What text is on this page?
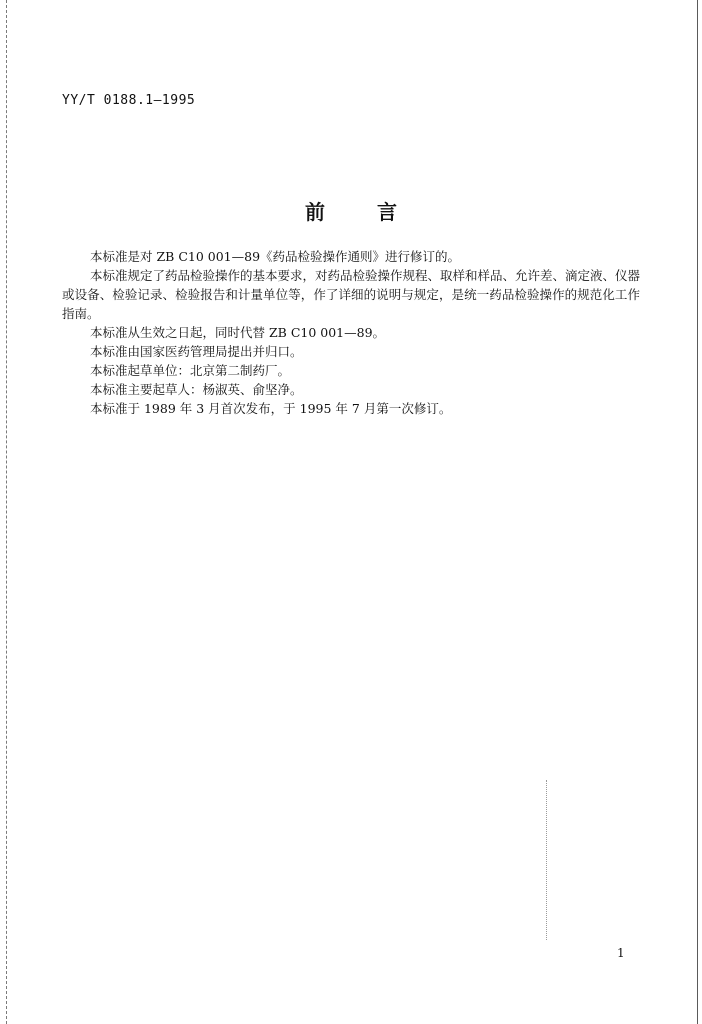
YY/T 0188.1—1995
前言

本标准是对 ZB C10 001—89《药品检验操作通则》进行修订的。

本标准规定了药品检验操作的基本要求，对药品检验操作规程、取样和样品、允许差、滴定液、仪器或设备、检验记录、检验报告和计量单位等，作了详细的说明与规定，是统一药品检验操作的规范化工作指南。

本标准从生效之日起，同时代替 ZB C10 001—89。

本标准由国家医药管理局提出并归口。

本标准起草单位：北京第二制药厂。

本标准主要起草人：杨淑英、俞坚净。

本标准于 1989 年 3 月首次发布，于 1995 年 7 月第一次修订。

1
